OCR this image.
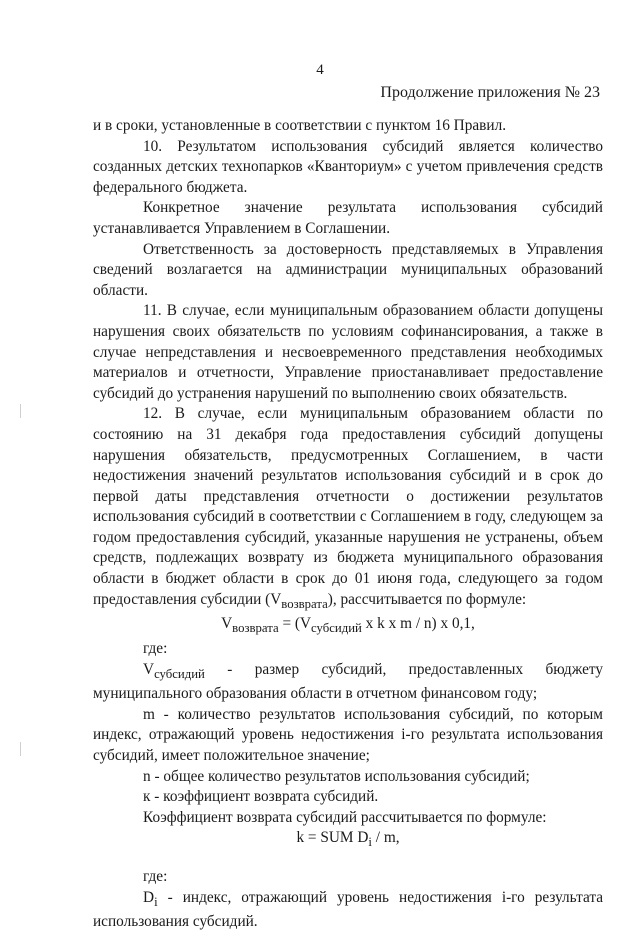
4
Продолжение приложения № 23

и в сроки, установленные в соответствии с пунктом 16 Правил.

10. Результатом использования субсидий является количество созданных детских технопарков «Кванториум» с учетом привлечения средств федерального бюджета.

Конкретное значение результата использования субсидий устанавливается Управлением в Соглашении.

Ответственность за достоверность представляемых в Управления сведений возлагается на администрации муниципальных образований области.

11. В случае, если муниципальным образованием области допущены нарушения своих обязательств по условиям софинансирования, а также в случае непредставления и несвоевременного представления необходимых материалов и отчетности, Управление приостанавливает предоставление субсидий до устранения нарушений по выполнению своих обязательств.

12. В случае, если муниципальным образованием области по состоянию на 31 декабря года предоставления субсидий допущены нарушения обязательств, предусмотренных Соглашением, в части недостижения значений результатов использования субсидий и в срок до первой даты представления отчетности о достижении результатов использования субсидий в соответствии с Соглашением в году, следующем за годом предоставления субсидий, указанные нарушения не устранены, объем средств, подлежащих возврату из бюджета муниципального образования области в бюджет области в срок до 01 июня года, следующего за годом предоставления субсидии $(V_{возврата})$, рассчитывается по формуле:

$V_{возврата} = (V_{субсидий}$ x k x m / n) x 0,1,

где:

$V_{субсидий}$ - размер субсидий, предоставленных бюджету муниципального образования области в отчетном финансовом году;

m - количество результатов использования субсидий, по которым индекс, отражающий уровень недостижения i-го результата использования субсидий, имеет положительное значение;

n - общее количество результатов использования субсидий;

к - коэффициент возврата субсидий.

Коэффициент возврата субсидий рассчитывается по формуле:

k = SUM $D_i$ / m,

где:

$D_i$ - индекс, отражающий уровень недостижения i-го результата использования субсидий.
